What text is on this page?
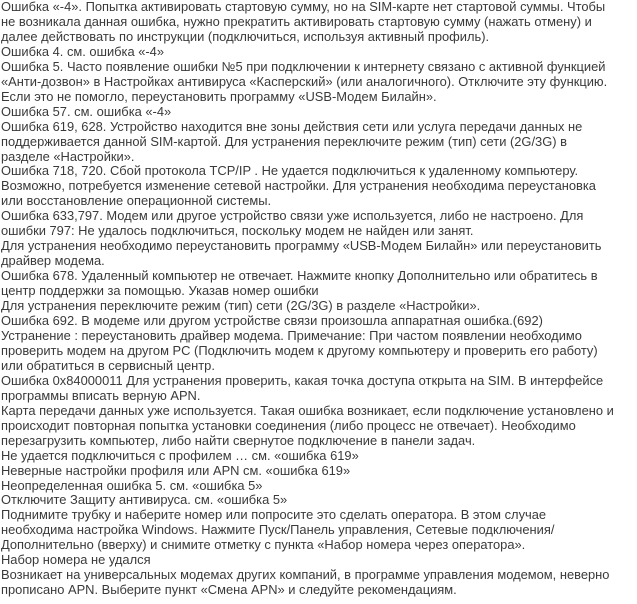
Ошибка «-4». Попытка активировать стартовую сумму, но на SIM-карте нет стартовой суммы. Чтобы
не возникала данная ошибка, нужно прекратить активировать стартовую сумму (нажать отмену) и
далее действовать по инструкции (подключиться, используя активный профиль).
Ошибка 4. см. ошибка «-4»
Ошибка 5. Часто появление ошибки №5 при подключении к интернету связано с активной функцией
«Анти-дозвон» в Настройках антивируса «Касперский» (или аналогичного). Отключите эту функцию.
Если это не помогло, переустановить программу «USB-Модем Билайн».
Ошибка 57. см. ошибка «-4»
Ошибка 619, 628. Устройство находится вне зоны действия сети или услуга передачи данных не
поддерживается данной SIM-картой. Для устранения переключите режим (тип) сети (2G/3G) в
разделе «Настройки».
Ошибка 718, 720. Сбой протокола TCP/IP . Не удается подключиться к удаленному компьютеру.
Возможно, потребуется изменение сетевой настройки. Для устранения необходима переустановка
или восстановление операционной системы.
Ошибка 633,797. Модем или другое устройство связи уже используется, либо не настроено. Для
ошибки 797: Не удалось подключиться, поскольку модем не найден или занят.
Для устранения необходимо переустановить программу «USB-Модем Билайн» или переустановить
драйвер модема.
Ошибка 678. Удаленный компьютер не отвечает. Нажмите кнопку Дополнительно или обратитесь в
центр поддержки за помощью. Указав номер ошибки
Для устранения переключите режим (тип) сети (2G/3G) в разделе «Настройки».
Ошибка 692. В модеме или другом устройстве связи произошла аппаратная ошибка.(692)
Устранение : переустановить драйвер модема. Примечание: При частом появлении необходимо
проверить модем на другом PC (Подключить модем к другому компьютеру и проверить его работу)
или обратиться в сервисный центр.
Ошибка 0x84000011 Для устранения проверить, какая точка доступа открыта на SIM. В интерфейсе
программы вписать верную APN.
Карта передачи данных уже используется. Такая ошибка возникает, если подключение установлено и
происходит повторная попытка установки соединения (либо процесс не отвечает). Необходимо
перезагрузить компьютер, либо найти свернутое подключение в панели задач.
Не удается подключиться с профилем … см. «ошибка 619»
Неверные настройки профиля или APN см. «ошибка 619»
Неопределенная ошибка 5. см. «ошибка 5»
Отключите Защиту антивируса. см. «ошибка 5»
Поднимите трубку и наберите номер или попросите это сделать оператора. В этом случае
необходима настройка Windows. Нажмите Пуск/Панель управления, Сетевые подключения/
Дополнительно (вверху) и снимите отметку с пункта «Набор номера через оператора».
Набор номера не удался
Возникает на универсальных модемах других компаний, в программе управления модемом, неверно
прописано APN. Выберите пункт «Смена APN» и следуйте рекомендациям.
